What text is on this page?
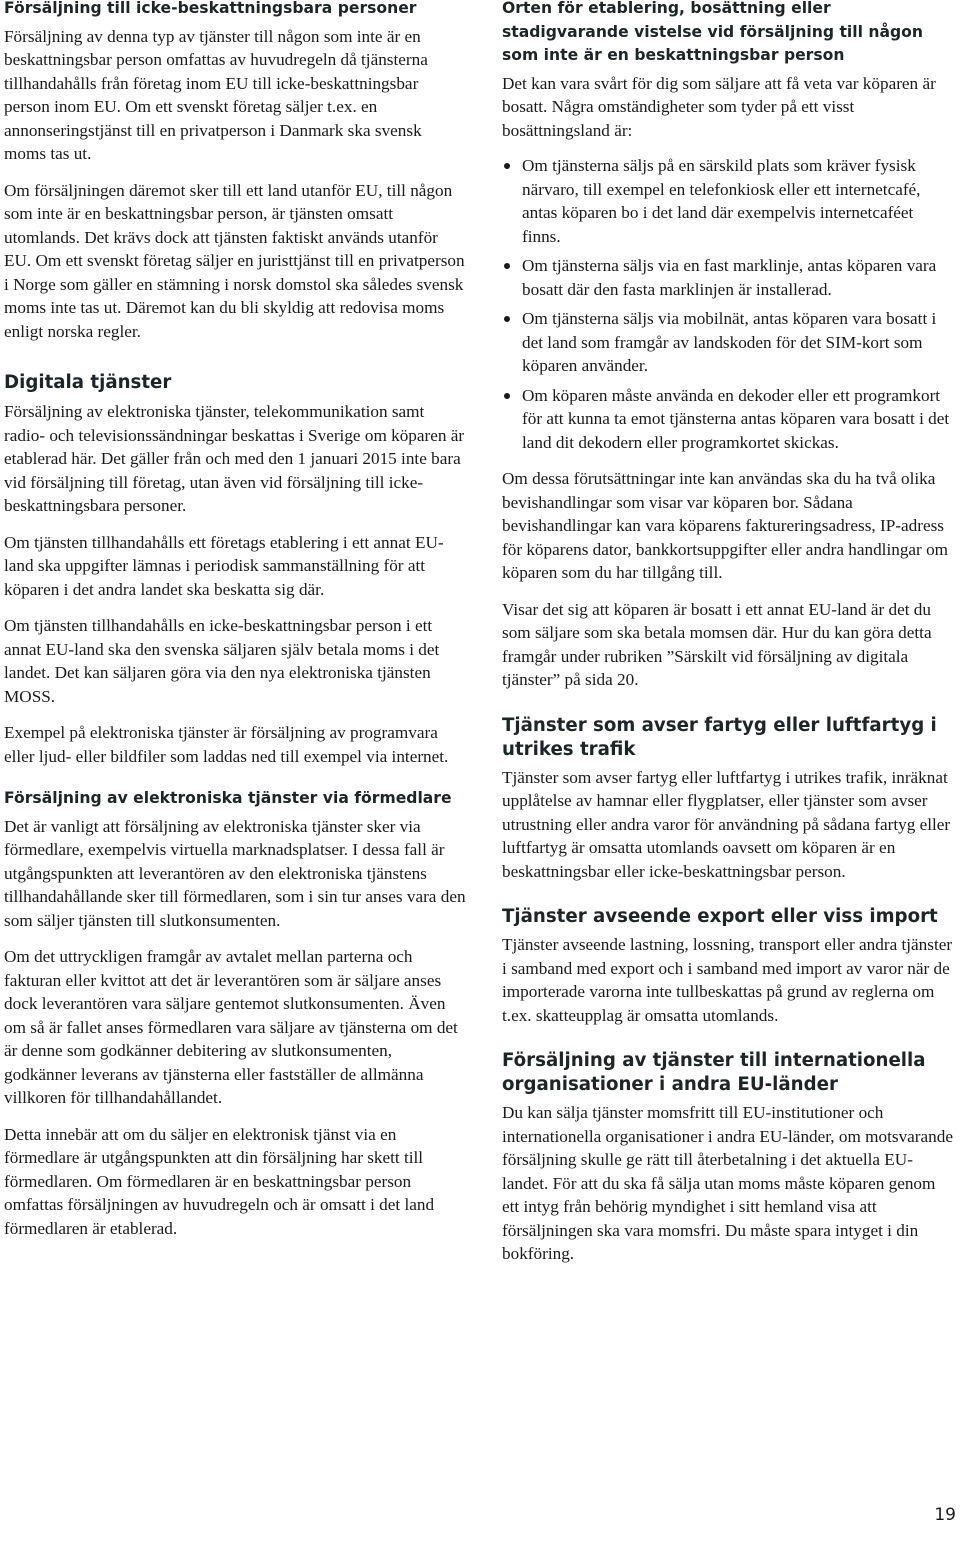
Försäljning till icke-beskattningsbara personer

Försäljning av denna typ av tjänster till någon som inte är en beskattningsbar person omfattas av huvudregeln då tjänsterna tillhandahålls från företag inom EU till icke-beskattningsbar person inom EU. Om ett svenskt företag säljer t.ex. en annonseringstjänst till en privatperson i Danmark ska svensk moms tas ut.

Om försäljningen däremot sker till ett land utanför EU, till någon som inte är en beskattningsbar person, är tjänsten omsatt utomlands. Det krävs dock att tjänsten faktiskt används utanför EU. Om ett svenskt företag säljer en juristtjänst till en privatperson i Norge som gäller en stämning i norsk domstol ska således svensk moms inte tas ut. Däremot kan du bli skyldig att redovisa moms enligt norska regler.

Digitala tjänster

Försäljning av elektroniska tjänster, telekommunikation samt radio- och televisionssändningar beskattas i Sverige om köparen är etablerad här. Det gäller från och med den 1 januari 2015 inte bara vid försäljning till företag, utan även vid försäljning till icke-beskattningsbara personer.

Om tjänsten tillhandahålls ett företags etablering i ett annat EU-land ska uppgifter lämnas i periodisk sammanställning för att köparen i det andra landet ska beskatta sig där.

Om tjänsten tillhandahålls en icke-beskattningsbar person i ett annat EU-land ska den svenska säljaren själv betala moms i det landet. Det kan säljaren göra via den nya elektroniska tjänsten MOSS.

Exempel på elektroniska tjänster är försäljning av programvara eller ljud- eller bildfiler som laddas ned till exempel via internet.

Försäljning av elektroniska tjänster via förmedlare

Det är vanligt att försäljning av elektroniska tjänster sker via förmedlare, exempelvis virtuella marknadsplatser. I dessa fall är utgångspunkten att leverantören av den elektroniska tjänstens tillhandahållande sker till förmedlaren, som i sin tur anses vara den som säljer tjänsten till slutkonsumenten.

Om det uttryckligen framgår av avtalet mellan parterna och fakturan eller kvittot att det är leverantören som är säljare anses dock leverantören vara säljare gentemot slutkonsumenten. Även om så är fallet anses förmedlaren vara säljare av tjänsterna om det är denne som godkänner debitering av slutkonsumenten, godkänner leverans av tjänsterna eller fastställer de allmänna villkoren för tillhandahållandet.

Detta innebär att om du säljer en elektronisk tjänst via en förmedlare är utgångspunkten att din försäljning har skett till förmedlaren. Om förmedlaren är en beskattningsbar person omfattas försäljningen av huvudregeln och är omsatt i det land förmedlaren är etablerad.

Orten för etablering, bosättning eller stadigvarande vistelse vid försäljning till någon som inte är en beskattningsbar person

Det kan vara svårt för dig som säljare att få veta var köparen är bosatt. Några omständigheter som tyder på ett visst bosättningsland är:

Om tjänsterna säljs på en särskild plats som kräver fysisk närvaro, till exempel en telefonkiosk eller ett internetcafé, antas köparen bo i det land där exempelvis internetcaféet finns.
Om tjänsterna säljs via en fast marklinje, antas köparen vara bosatt där den fasta marklinjen är installerad.
Om tjänsterna säljs via mobilnät, antas köparen vara bosatt i det land som framgår av landskoden för det SIM-kort som köparen använder.
Om köparen måste använda en dekoder eller ett programkort för att kunna ta emot tjänsterna antas köparen vara bosatt i det land dit dekodern eller programkortet skickas.

Om dessa förutsättningar inte kan användas ska du ha två olika bevishandlingar som visar var köparen bor. Sådana bevishandlingar kan vara köparens faktureringsadress, IP-adress för köparens dator, bankkortsuppgifter eller andra handlingar om köparen som du har tillgång till.

Visar det sig att köparen är bosatt i ett annat EU-land är det du som säljare som ska betala momsen där. Hur du kan göra detta framgår under rubriken ”Särskilt vid försäljning av digitala tjänster” på sida 20.

Tjänster som avser fartyg eller luftfartyg i utrikes trafik

Tjänster som avser fartyg eller luftfartyg i utrikes trafik, inräknat upplåtelse av hamnar eller flygplatser, eller tjänster som avser utrustning eller andra varor för användning på sådana fartyg eller luftfartyg är omsatta utomlands oavsett om köparen är en beskattningsbar eller icke-beskattningsbar person.

Tjänster avseende export eller viss import

Tjänster avseende lastning, lossning, transport eller andra tjänster i samband med export och i samband med import av varor när de importerade varorna inte tullbeskattas på grund av reglerna om t.ex. skatteupplag är omsatta utomlands.

Försäljning av tjänster till internationella organisationer i andra EU-länder

Du kan sälja tjänster momsfritt till EU-institutioner och internationella organisationer i andra EU-länder, om motsvarande försäljning skulle ge rätt till återbetalning i det aktuella EU-landet. För att du ska få sälja utan moms måste köparen genom ett intyg från behörig myndighet i sitt hemland visa att försäljningen ska vara momsfri. Du måste spara intyget i din bokföring.

19
